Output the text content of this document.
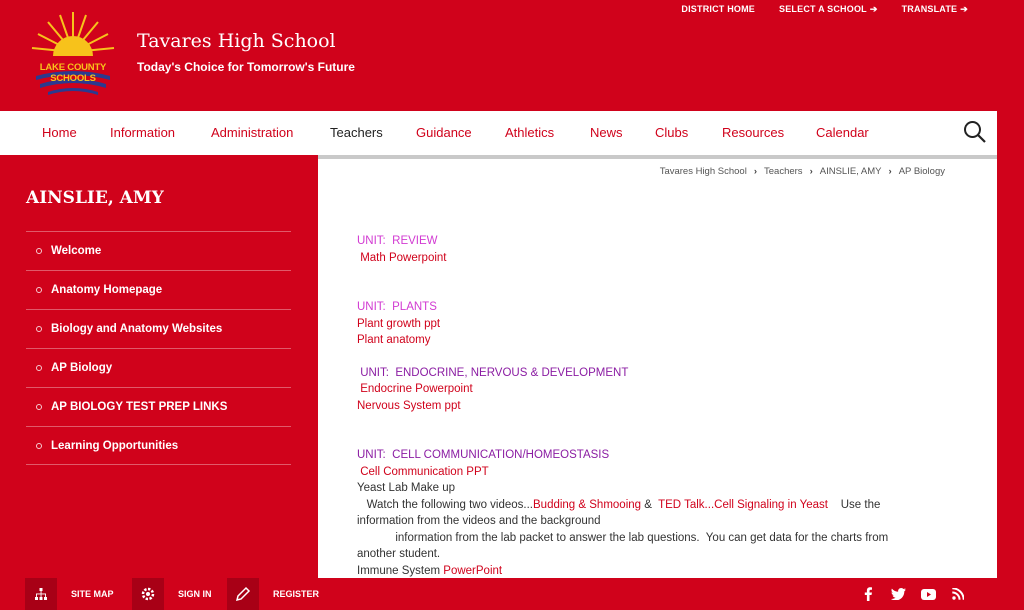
DISTRICT HOME	SELECT A SCHOOL ➔	TRANSLATE ➔
LAKE COUNTY SCHOOLS
Tavares High School
Today's Choice for Tomorrow's Future
Home	Information	Administration	Teachers	Guidance	Athletics	News	Clubs	Resources	Calendar
AINSLIE, AMY
Welcome
Anatomy Homepage
Biology and Anatomy Websites
AP Biology
AP BIOLOGY TEST PREP LINKS
Learning Opportunities
Tavares High School › Teachers › AINSLIE, AMY › AP Biology
UNIT:  REVIEW
Math Powerpoint
UNIT:  PLANTS
Plant growth ppt
Plant anatomy
UNIT:  ENDOCRINE, NERVOUS & DEVELOPMENT
Endocrine Powerpoint
Nervous System ppt
UNIT:  CELL COMMUNICATION/HOMEOSTASIS
Cell Communication PPT
Yeast Lab Make up
Watch the following two videos...Budding & Shmooing &  TED Talk...Cell Signaling in Yeast    Use the information from the videos and the background
information from the lab packet to answer the lab questions.  You can get data for the charts from another student.
Immune System PowerPoint
SITE MAP	SIGN IN	REGISTER
